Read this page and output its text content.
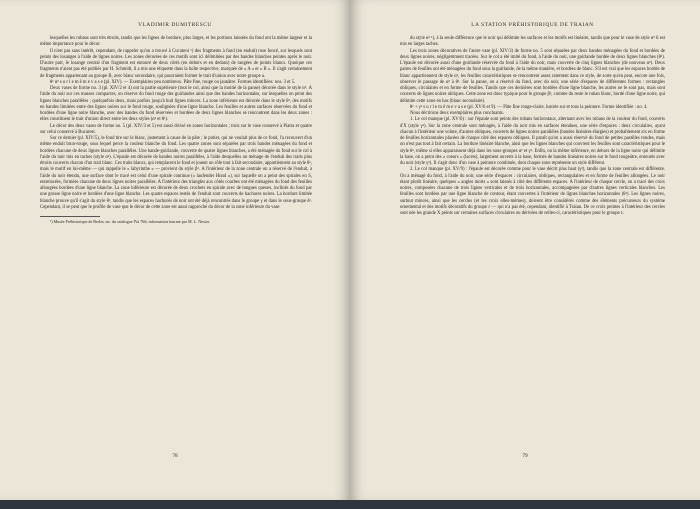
VLADIMIR DUMITRESCU

lesquelles les rubans sont très étroits, tandis que les lignes de bordure, plus larges, et les portions laissées du fond ont la même largeur et la même importance pour le décor.

Il n'est pas sans intérêt, cependant, de rappeler qu'on a trouvé à Cucuteni ¹) des fragments à fond (en enduit) rose foncé, sur lesquels sont peints des losanges à l'aide de lignes noires. Les zones décorées de ces motifs sont ici délimitées par des bandes blanches peintes après le noir. D'autre part, le losange central d'un fragment est entouré de deux côtés (en dehors et en dedans) de rangées de points blancs. Quoique ces fragments n'aient pas été publiés par H. Schmidt, il a mis une étiquette dans la boîte respective, marquée de « A » et « B ». Il s'agit certainement de fragments appartenant au groupe B, avec blanc secondaire, qui pourraient former le trait d'union avec notre groupe a.

θ¹ α² s u r l e m ê m e v a s e (pl. XIV). — Exemplaires peu nombreux. Pâte fine, rouge ou jaunâtre. Formes identifiées: nos. 3 et 5.

Deux vases de forme no. 3 (pl. XIV/2 et 4) ont la partie supérieure (tout le col, ainsi que la moitié de la panse) décorée dans le style α². A l'aide du noir sur ces masses compactes, on réserve du fond rouge des guirlandes ainsi que des bandes horizontales, sur lesquelles on peint des lignes blanches parallèles ; quelquefois deux, mais parfois jusqu'à huit lignes minces. La zone inférieure est décorée dans le style θ¹, des motifs en bandes limitées entre des lignes noires sur le fond rouge, soulignées d'une ligne blanche. Les feuilles et autres surfaces réservées du fond et bordées d'une ligne noire blanche, avec des bandes du fond réservées et bordées de deux lignes blanches se rencontrent dans les deux zones : elles constituent le trait d'union direct entre les deux styles (α² et θ¹).

Le décor des deux vases de forme no. 5 (pl. XIV/3 et 5) est aussi divisé en zones horizontales ; trois sur le vase conservé à Piatra et quatre sur celui conservé à Bucarest.

Sur ce dernier (pl. XIV/5), le fond tire sur le blanc, justement à cause de la pâte ; le potier, qui ne voulait plus de ce fond, l'a recouvert d'un même enduit brun-rouge, sous lequel perce la couleur blanche du fond. Les quatre zones sont séparées par trois bandes ménagées du fond et bordées chacune de deux lignes blanches parallèles. Une bande-guirlande, couverte de quatre lignes blanches, a été ménagée du fond sur le col à l'aide du noir mis en taches (style α²). L'épaule est décorée de bandes noires parallèles, à l'aide desquelles on ménage de l'enduit des traits plus étroits couverts chacun d'un trait blanc. Ces traits blancs, qui remplacent le fond et jouent un rôle tout à fait secondaire, appartiennent au style θ¹, mais le motif en lui-même — qui rappelle le « labyrinthe » — provient du style β². A l'intérieur de la zone centrale on a réservé de l'enduit, à l'aide du noir étendu, une surface dont le tracé est celui d'une spirale continue (« laufender Hund »), sur laquelle on a peint des spirales en S, entrelacées, formées chacune de deux lignes noires parallèles. A l'intérieur des triangles aux côtés courbes ont été ménagées du fond des feuilles allongées bordées d'une ligne blanche. La zone inférieure est décorée de deux crochets en spirale avec de longues queues, inclinés du fond par une grosse ligne noire et bordées d'une ligne blanche. Les quatre espaces restés de l'enduit sont couverts de hachures noires. La bordure limitée blanche prouve qu'il s'agit du style θ¹, tandis que les espaces hachurés de noir ont été déjà rencontrés dans le groupe γ et dans le sous-groupe δ¹. Cependant, il se peut que le profile de vase que le décor de cette zone est aussi rapproché du décor de la zone inférieure du vase

¹) Musée Préhistorique de Berlin, no. du catalogue IVa 766; information fournie par M. L. Nestor.

78
LA STATION PRÉHISTORIQUE DE TRAIAN

du style α² ¹), à la seule différence que le noir qui délimite les surfaces et les motifs est linéaire, tandis que pour le vase de style α² il est mis en larges taches.

Les trois zones décoratives de l'autre vase (pl. XIV/3) de forme no. 5 sont séparées par deux bandes ménagées du fond et bordées de deux lignes noires, négligemment tracées. Sur le col a été imité du fond, à l'aide du noir, une guirlande bordée de deux lignes blanches (θ¹). L'épaule est décorée aussi d'une guirlande réservée du fond à l'aide du noir, mais couverte de cinq lignes blanches (de nouveau α²). Deux paires de feuilles ont été ménagées du fond sous la guirlande, de la même manière, et bordées de blanc. S'il est vrai que les espaces bordés de blanc appartiennent de style α², les feuilles caractéristiques se rencontrent assez rarement dans ce style, de sorte qu'en peut, encore une fois, observer le passage de α² à θ¹. Sur la panse, on a réservé du fond, avec du noir, une série d'espaces de différentes formes : rectangles obliques, circulaires et en forme de feuilles. Tandis que ces dernières sont bordées d'une ligne blanche, les autres ne le sont pas, mais sont couverts de lignes noires obliques. Cette zone est donc typique pour le groupe β², comme du reste le ruban blanc, bordé d'une ligne noire, qui délimite cette zone en bas (blanc secondaire).

θ¹ + γ² s u r l e m ê m e v a s e (pl. XV/6 et 9). — Pâte fine rouge-claire, lustrée sur et tous la peinture. Forme identifiée : no. 4.

Nous décrirons deux exemplaires plus concluants.

1. Le col manque (pl. XV/6) : sur l'épaule sont peints des rubans horizontaux, alternant avec les rubans de la couleur du fond, couverts d'X (style γ²). Sur la zone centrale sont ménagés, à l'aide du noir mis en surfaces étendues, une série d'espaces : deux circulaires, ayant chacun à l'intérieur une volute, d'autres obliques, couverts de lignes noires parallèles (bandes linéaires élargies) et probablement six en forme de feuilles horizontales placées de chaque côté des espaces obliques. Il paraît qu'on a aussi réservé du fond de petites pastilles rondes, mais on n'est pas tout à fait certain. La bordure linéaire blanche, ainsi que les lignes blanches qui couvrent les feuilles sont caractéristiques pour le style θ¹, même si elles apparaissent déjà dans les sous-groupes α¹ et γ². Enfin, on la même inférieure, en dehors de la ligne noire qui délimite la base, on a peint des « coeurs » (lacets), largement ouverts à la base, formés de bandes linéaires noires sur le fond rougeâtre, entourés avec du noir (style γ²). Il s'agit donc d'un vase à peinture combinée, dont chaque zone représente un style différent.

2. Le col manque (pl. XV/9) : l'épaule est décorée comme pour le vase décrit plus haut (γ²), tandis que la zone centrale est différente. On a ménagé du fond, à l'aide du noir, une série d'espaces : circulaires, obliques, rectangulaires et en forme de feuilles allongées. Le noir étant plutôt linéaire, quelques « angles morts » sont laissés à côté des différents espaces. A l'intérieur de chaque cercle, on a tracé des croix noires, composées chacune de trois lignes verticales et de trois horizontales, accompagnées par d'autres lignes verticales blanches. Les feuilles sont bordées par une ligne blanche de contour, étant couvertes à l'intérieur de lignes blanches horizontales (θ¹). Les lignes noires, surtout minces, ainsi que les cercles (et les croix elles-mêmes), doivent être considérés comme des éléments précurseurs du système ornemental et des motifs décoratifs du groupe ε — qui n'a pas été, cependant, identifié à Traian. De ce croix peintes à l'intérieur des cercles sont née les grande X peints sur certaines surfaces circulaires ou dérivées de celles-ci, caractéristiques pour le groupe ε.

79
